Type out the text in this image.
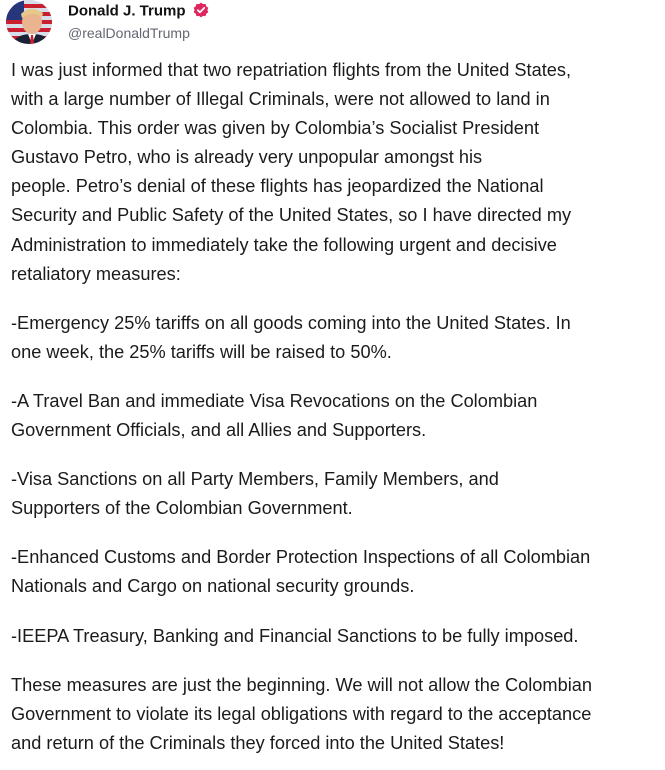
Donald J. Trump
@realDonaldTrump

I was just informed that two repatriation flights from the United States,
with a large number of Illegal Criminals, were not allowed to land in
Colombia. This order was given by Colombia’s Socialist President
Gustavo Petro, who is already very unpopular amongst his
people. Petro’s denial of these flights has jeopardized the National
Security and Public Safety of the United States, so I have directed my
Administration to immediately take the following urgent and decisive
retaliatory measures:

-Emergency 25% tariffs on all goods coming into the United States. In
one week, the 25% tariffs will be raised to 50%.

-A Travel Ban and immediate Visa Revocations on the Colombian
Government Officials, and all Allies and Supporters.

-Visa Sanctions on all Party Members, Family Members, and
Supporters of the Colombian Government.

-Enhanced Customs and Border Protection Inspections of all Colombian
Nationals and Cargo on national security grounds.

-IEEPA Treasury, Banking and Financial Sanctions to be fully imposed.

These measures are just the beginning. We will not allow the Colombian
Government to violate its legal obligations with regard to the acceptance
and return of the Criminals they forced into the United States!
